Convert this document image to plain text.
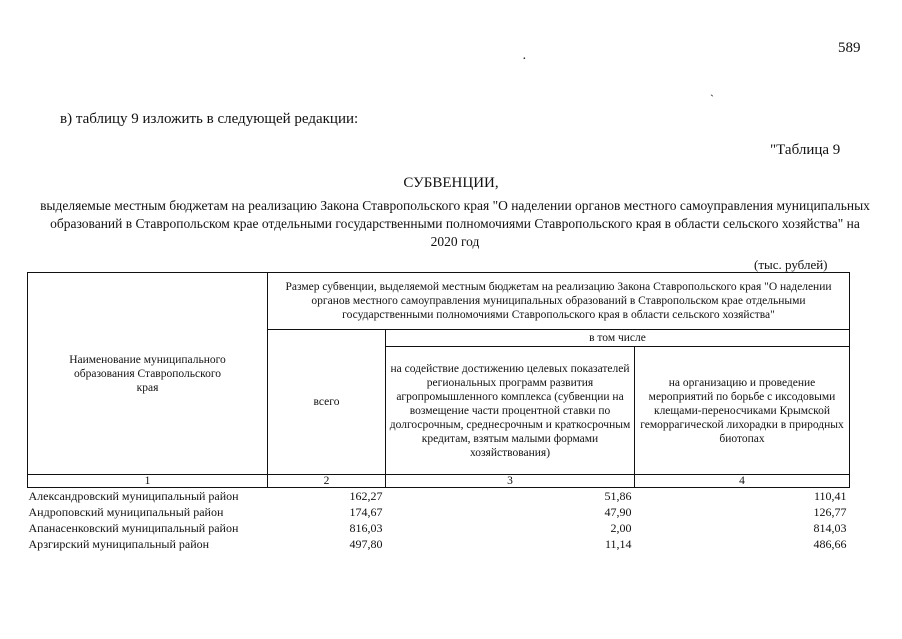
589
·
ˋ
в) таблицу 9 изложить в следующей редакции:
"Таблица 9
СУБВЕНЦИИ,
выделяемые местным бюджетам на реализацию Закона Ставропольского края "О наделении органов местного самоуправления муниципальных образований в Ставропольском крае отдельными государственными полномочиями Ставропольского края в области сельского хозяйства" на 2020 год
(тыс. рублей)
Наименование муниципального образования Ставропольского края	Размер субвенции, выделяемой местным бюджетам на реализацию Закона Ставропольского края "О наделении органов местного самоуправления муниципальных образований в Ставропольском крае отдельными государственными полномочиями Ставропольского края в области сельского хозяйства"		
	всего	в том числе	
		на содействие достижению целевых показателей региональных программ развития агропромышленного комплекса (субвенции на возмещение части процентной ставки по долгосрочным, среднесрочным и краткосрочным кредитам, взятым малыми формами хозяйствования)	на организацию и проведение мероприятий по борьбе с иксодовыми клещами-переносчиками Крымской геморрагической лихорадки в природных биотопах
1	2	3	4
Александровский муниципальный район	162,27	51,86	110,41
Андроповский муниципальный район	174,67	47,90	126,77
Апанасенковский муниципальный район	816,03	2,00	814,03
Арзгирский муниципальный район	497,80	11,14	486,66
